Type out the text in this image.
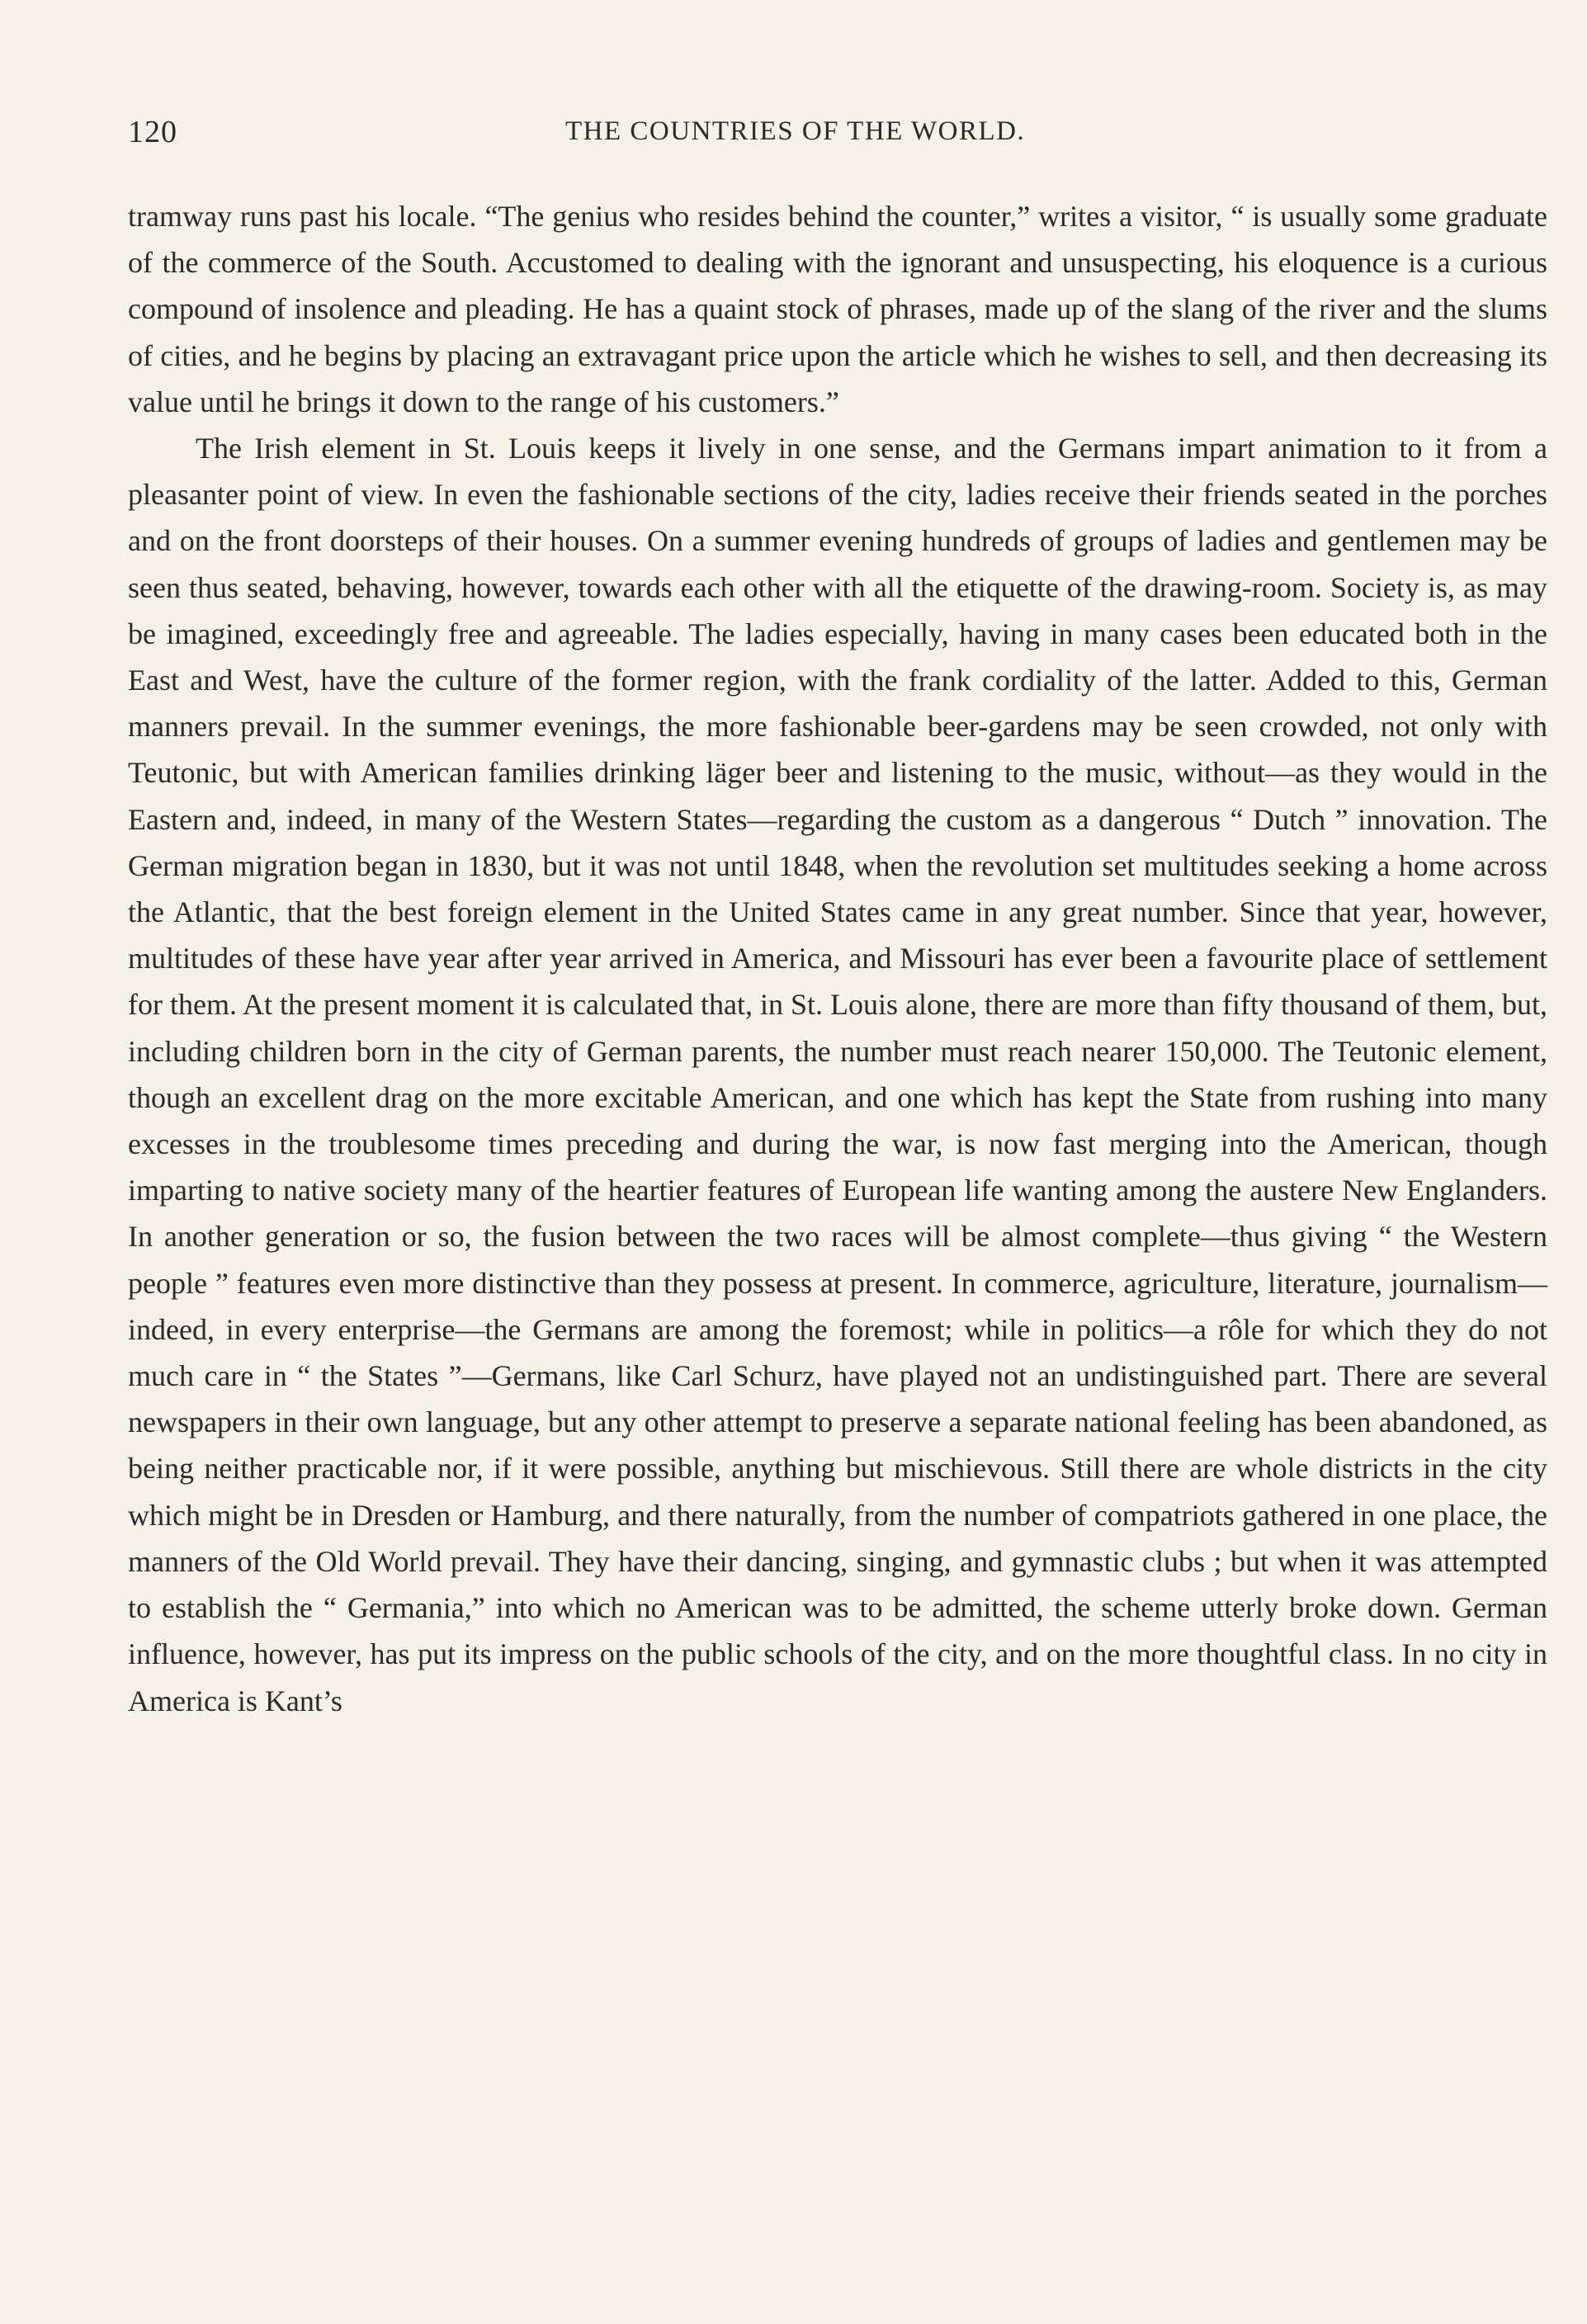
120	THE COUNTRIES OF THE WORLD.

tramway runs past his locale. “The genius who resides behind the counter,” writes a visitor, “ is usually some graduate of the commerce of the South. Accustomed to dealing with the ignorant and unsuspecting, his eloquence is a curious compound of insolence and pleading. He has a quaint stock of phrases, made up of the slang of the river and the slums of cities, and he begins by placing an extravagant price upon the article which he wishes to sell, and then decreasing its value until he brings it down to the range of his customers.”

The Irish element in St. Louis keeps it lively in one sense, and the Germans impart animation to it from a pleasanter point of view. In even the fashionable sections of the city, ladies receive their friends seated in the porches and on the front doorsteps of their houses. On a summer evening hundreds of groups of ladies and gentlemen may be seen thus seated, behaving, however, towards each other with all the etiquette of the drawing-room. Society is, as may be imagined, exceedingly free and agreeable. The ladies especially, having in many cases been educated both in the East and West, have the culture of the former region, with the frank cordiality of the latter. Added to this, German manners prevail. In the summer evenings, the more fashionable beer-gardens may be seen crowded, not only with Teutonic, but with American families drinking läger beer and listening to the music, without—as they would in the Eastern and, indeed, in many of the Western States—regarding the custom as a dangerous “ Dutch ” innovation. The German migration began in 1830, but it was not until 1848, when the revolution set multitudes seeking a home across the Atlantic, that the best foreign element in the United States came in any great number. Since that year, however, multitudes of these have year after year arrived in America, and Missouri has ever been a favourite place of settlement for them. At the present moment it is calculated that, in St. Louis alone, there are more than fifty thousand of them, but, including children born in the city of German parents, the number must reach nearer 150,000. The Teutonic element, though an excellent drag on the more excitable American, and one which has kept the State from rushing into many excesses in the troublesome times preceding and during the war, is now fast merging into the American, though imparting to native society many of the heartier features of European life wanting among the austere New Englanders. In another generation or so, the fusion between the two races will be almost complete—thus giving “ the Western people ” features even more distinctive than they possess at present. In commerce, agriculture, literature, journalism—indeed, in every enterprise—the Germans are among the foremost; while in politics—a rôle for which they do not much care in “ the States ”—Germans, like Carl Schurz, have played not an undistinguished part. There are several newspapers in their own language, but any other attempt to preserve a separate national feeling has been abandoned, as being neither practicable nor, if it were possible, anything but mischievous. Still there are whole districts in the city which might be in Dresden or Hamburg, and there naturally, from the number of compatriots gathered in one place, the manners of the Old World prevail. They have their dancing, singing, and gymnastic clubs ; but when it was attempted to establish the “ Germania,” into which no American was to be admitted, the scheme utterly broke down. German influence, however, has put its impress on the public schools of the city, and on the more thoughtful class. In no city in America is Kant’s
